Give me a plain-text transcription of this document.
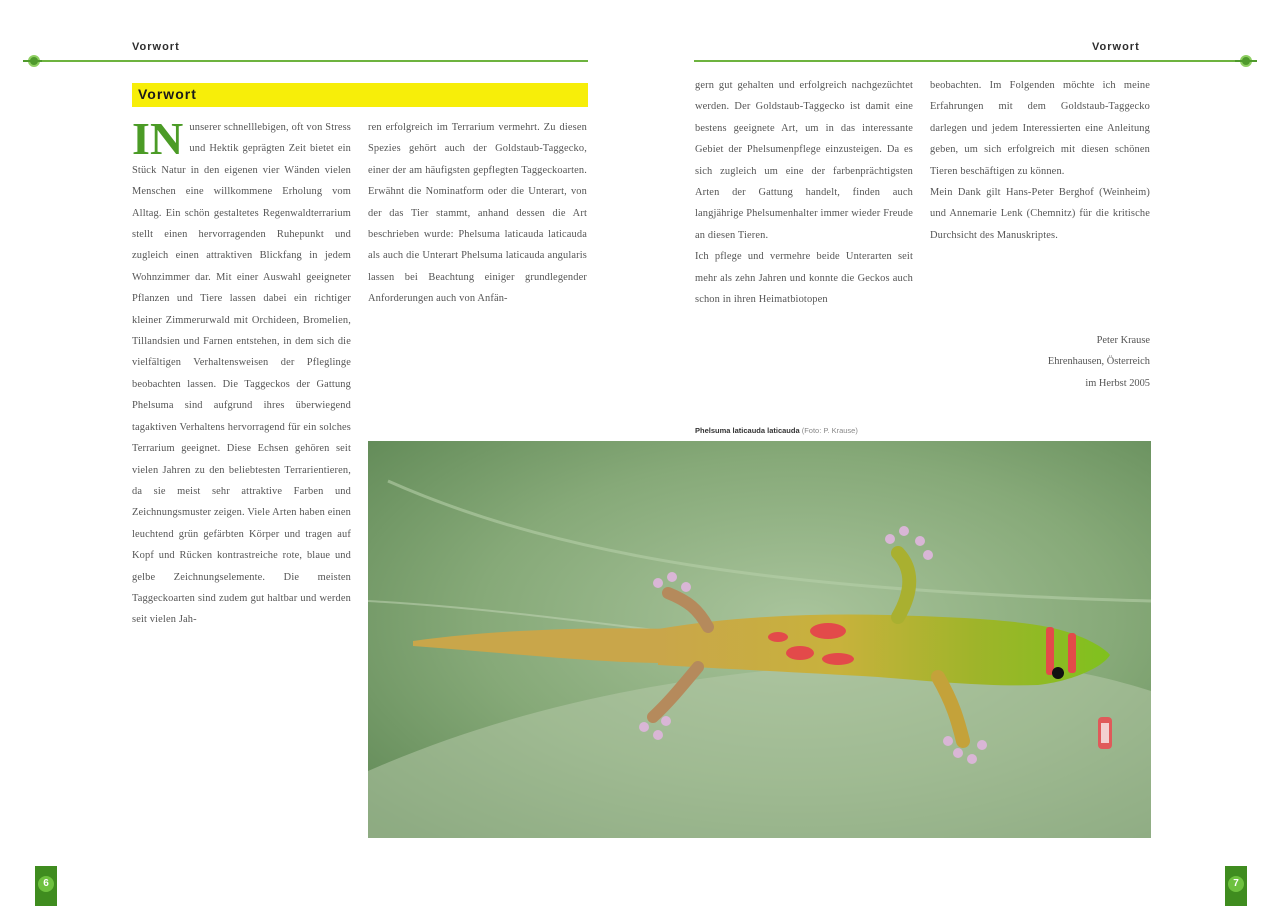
Vorwort	Vorwort
Vorwort
IN unserer schnelllebigen, oft von Stress und Hektik geprägten Zeit bietet ein Stück Natur in den eigenen vier Wänden vielen Menschen eine willkommene Erholung vom Alltag. Ein schön gestaltetes Regenwaldterrarium stellt einen hervorragenden Ruhepunkt und zugleich einen attraktiven Blickfang in jedem Wohnzimmer dar. Mit einer Auswahl geeigneter Pflanzen und Tiere lassen dabei ein richtiger kleiner Zimmerurwald mit Orchideen, Bromelien, Tillandsien und Farnen entstehen, in dem sich die vielfältigen Verhaltensweisen der Pfleglinge beobachten lassen. Die Taggeckos der Gattung Phelsuma sind aufgrund ihres überwiegend tagaktiven Verhaltens hervorragend für ein solches Terrarium geeignet. Diese Echsen gehören seit vielen Jahren zu den beliebtesten Terrarientieren, da sie meist sehr attraktive Farben und Zeichnungsmuster zeigen. Viele Arten haben einen leuchtend grün gefärbten Körper und tragen auf Kopf und Rücken kontrastreiche rote, blaue und gelbe Zeichnungselemente. Die meisten Taggeckoarten sind zudem gut haltbar und werden seit vielen Jah-

ren erfolgreich im Terrarium vermehrt. Zu diesen Spezies gehört auch der Goldstaub-Taggecko, einer der am häufigsten gepflegten Taggeckoarten. Erwähnt die Nominatform oder die Unterart, von der das Tier stammt, anhand dessen die Art beschrieben wurde: Phelsuma laticauda laticauda als auch die Unterart Phelsuma laticauda angularis lassen bei Beachtung einiger grundlegender Anforderungen auch von Anfän-

gern gut gehalten und erfolgreich nachgezüchtet werden. Der Goldstaub-Taggecko ist damit eine bestens geeignete Art, um in das interessante Gebiet der Phelsumenpflege einzusteigen. Da es sich zugleich um eine der farbenprächtigsten Arten der Gattung handelt, finden auch langjährige Phelsumenhalter immer wieder Freude an diesen Tieren.

Ich pflege und vermehre beide Unterarten seit mehr als zehn Jahren und konnte die Geckos auch schon in ihren Heimatbiotopen

beobachten. Im Folgenden möchte ich meine Erfahrungen mit dem Goldstaub-Taggecko darlegen und jedem Interessierten eine Anleitung geben, um sich erfolgreich mit diesen schönen Tieren beschäftigen zu können.

Mein Dank gilt Hans-Peter Berghof (Weinheim) und Annemarie Lenk (Chemnitz) für die kritische Durchsicht des Manuskriptes.

Peter Krause
Ehrenhausen, Österreich
im Herbst 2005
Phelsuma laticauda laticauda (Foto: P. Krause)
6	7
